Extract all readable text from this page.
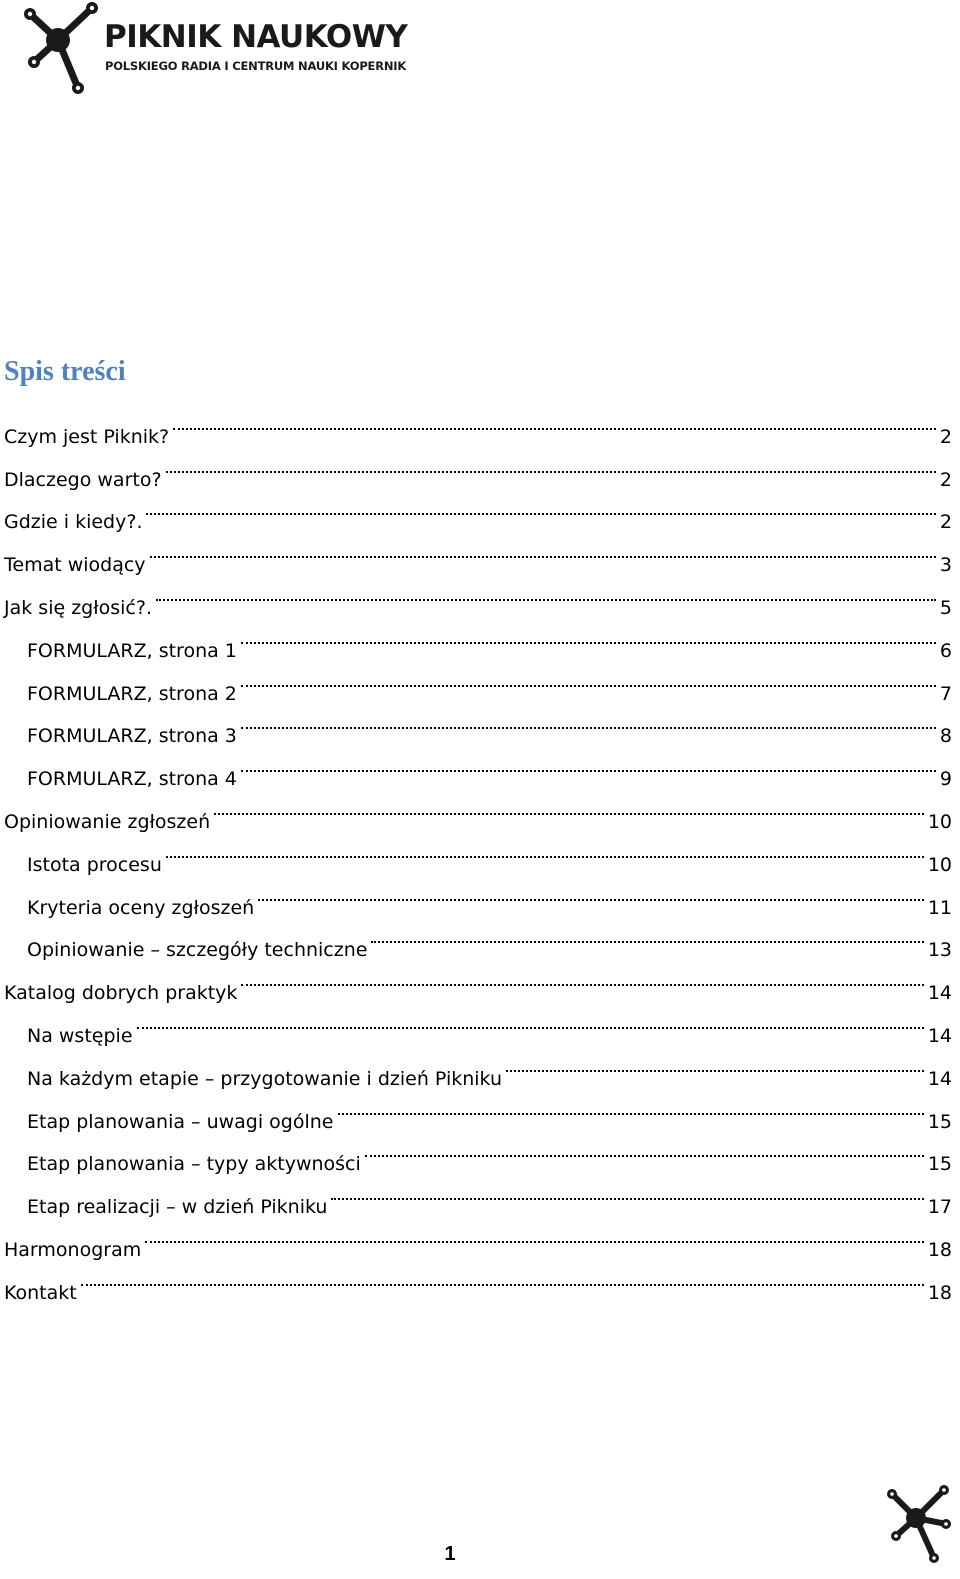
PIKNIK NAUKOWY
POLSKIEGO RADIA I CENTRUM NAUKI KOPERNIK
Spis treści
Czym jest Piknik?	2
Dlaczego warto?	2
Gdzie i kiedy?.	2
Temat wiodący	3
Jak się zgłosić?.	5
FORMULARZ, strona 1	6
FORMULARZ, strona 2	7
FORMULARZ, strona 3	8
FORMULARZ, strona 4	9
Opiniowanie zgłoszeń	10
Istota procesu	10
Kryteria oceny zgłoszeń	11
Opiniowanie – szczegóły techniczne	13
Katalog dobrych praktyk	14
Na wstępie	14
Na każdym etapie – przygotowanie i dzień Pikniku	14
Etap planowania – uwagi ogólne	15
Etap planowania – typy aktywności	15
Etap realizacji – w dzień Pikniku	17
Harmonogram	18
Kontakt	18
1
